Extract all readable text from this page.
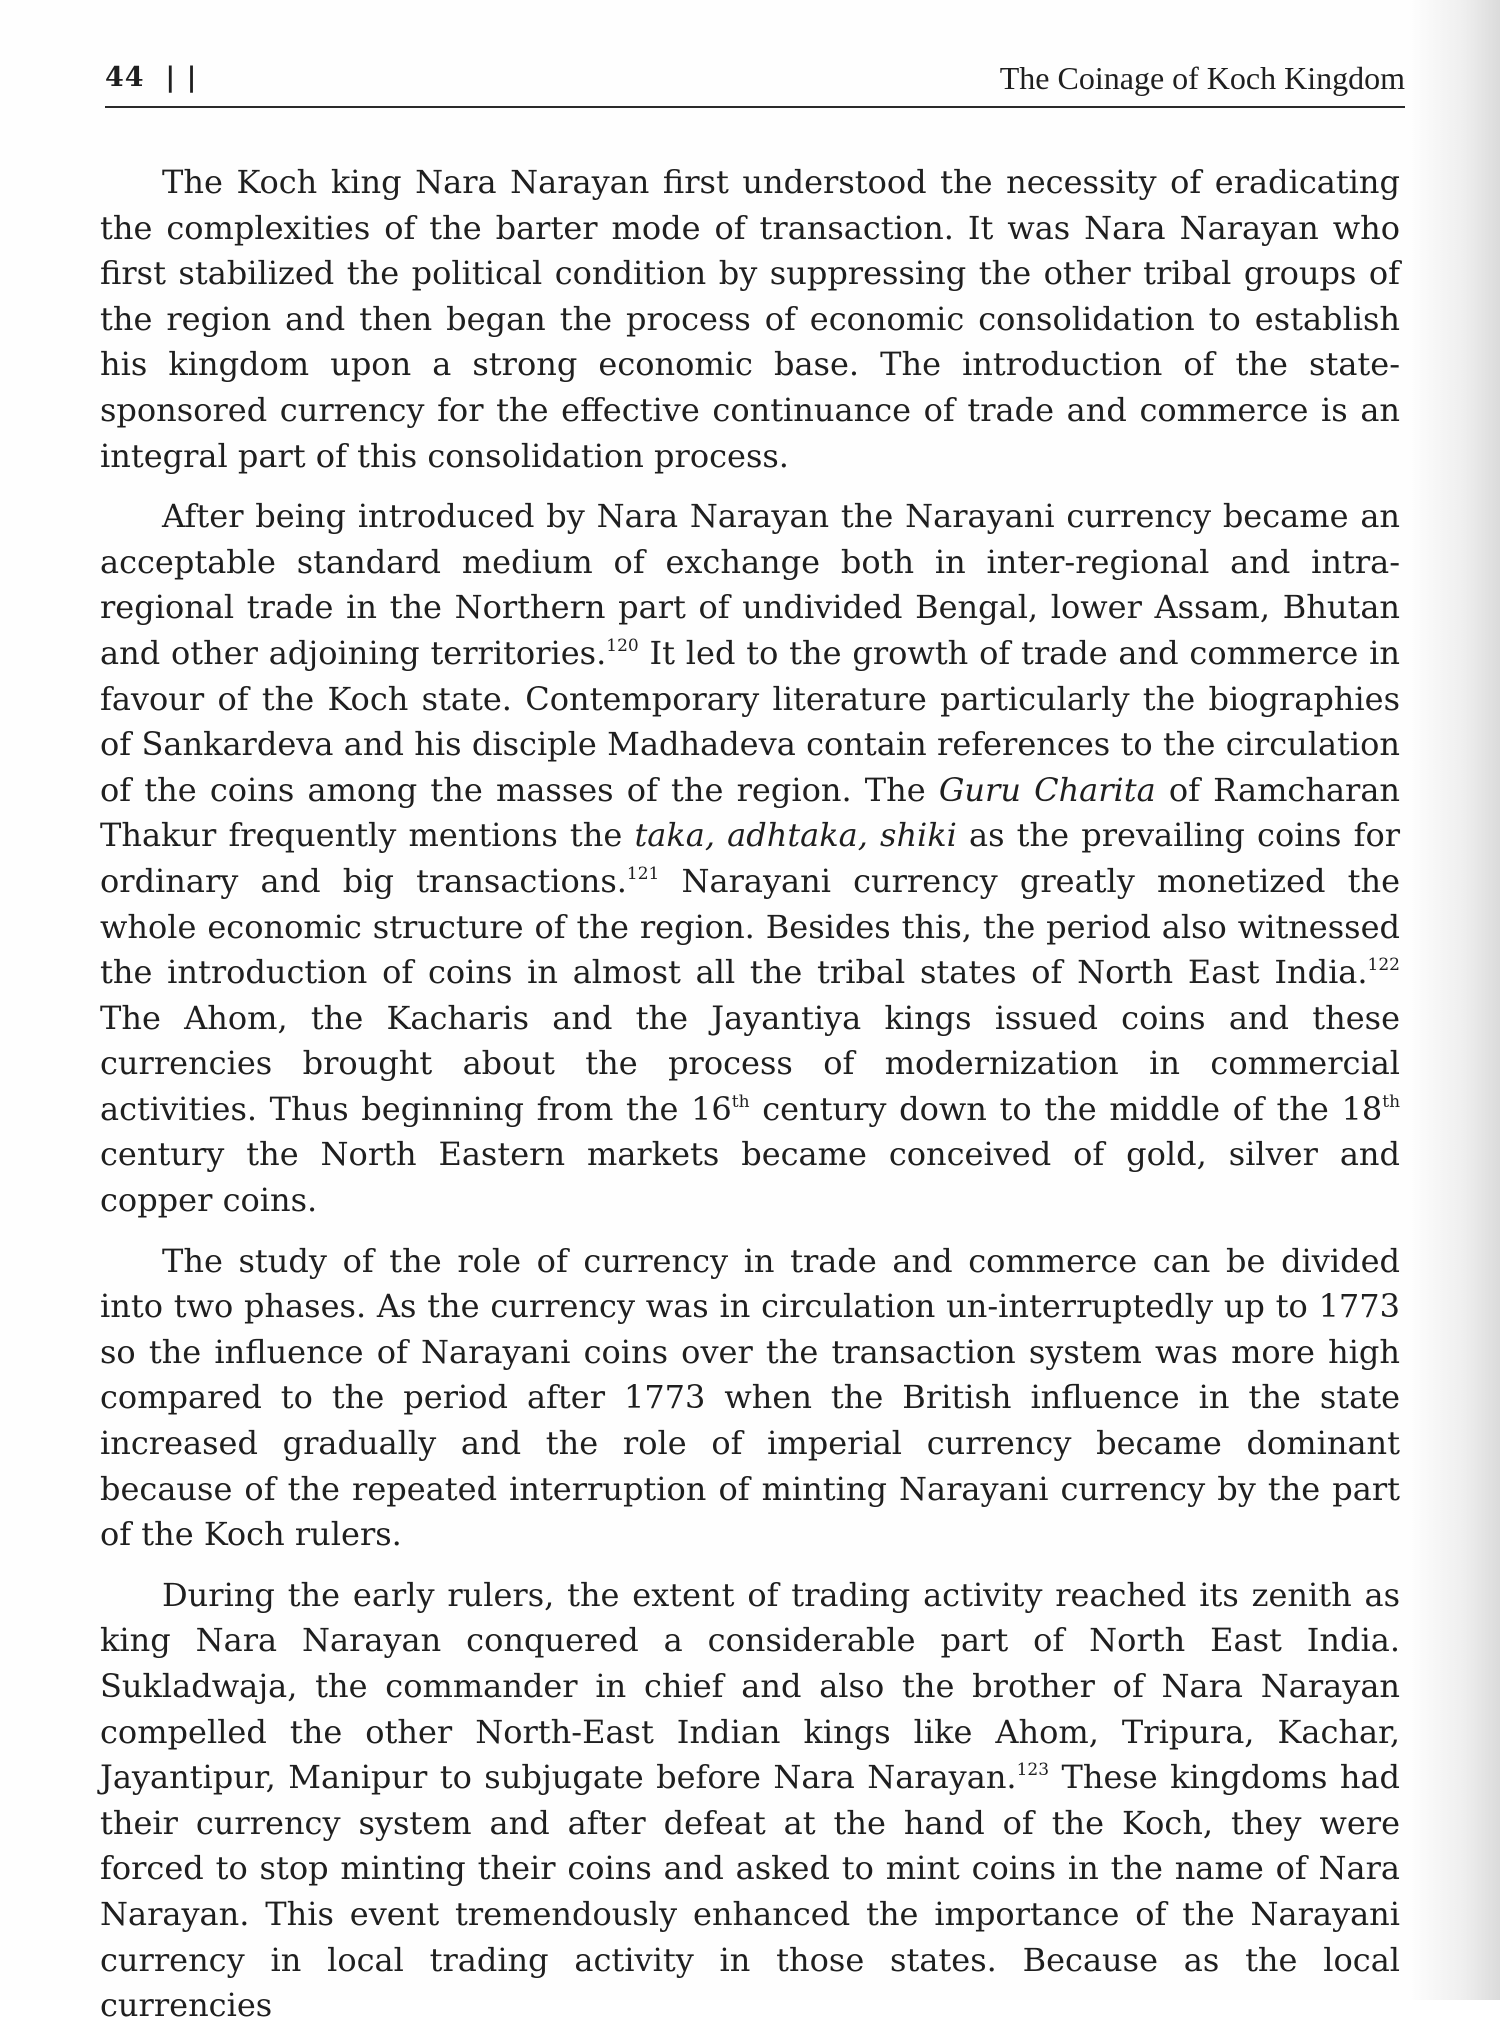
44 | |	The Coinage of Koch Kingdom

The Koch king Nara Narayan first understood the necessity of eradicating the complexities of the barter mode of transaction. It was Nara Narayan who first stabilized the political condition by suppressing the other tribal groups of the region and then began the process of economic consolidation to establish his kingdom upon a strong economic base. The introduction of the state-sponsored currency for the effective continuance of trade and commerce is an integral part of this consolidation process.

After being introduced by Nara Narayan the Narayani currency became an acceptable standard medium of exchange both in inter-regional and intra-regional trade in the Northern part of undivided Bengal, lower Assam, Bhutan and other adjoining territories.$^{120}$ It led to the growth of trade and commerce in favour of the Koch state. Contemporary literature particularly the biographies of Sankardeva and his disciple Madhadeva contain references to the circulation of the coins among the masses of the region. The Guru Charita of Ramcharan Thakur frequently mentions the taka, adhtaka, shiki as the prevailing coins for ordinary and big transactions.$^{121}$ Narayani currency greatly monetized the whole economic structure of the region. Besides this, the period also witnessed the introduction of coins in almost all the tribal states of North East India.$^{122}$ The Ahom, the Kacharis and the Jayantiya kings issued coins and these currencies brought about the process of modernization in commercial activities. Thus beginning from the 16th century down to the middle of the 18th century the North Eastern markets became conceived of gold, silver and copper coins.

The study of the role of currency in trade and commerce can be divided into two phases. As the currency was in circulation un-interruptedly up to 1773 so the influence of Narayani coins over the transaction system was more high compared to the period after 1773 when the British influence in the state increased gradually and the role of imperial currency became dominant because of the repeated interruption of minting Narayani currency by the part of the Koch rulers.

During the early rulers, the extent of trading activity reached its zenith as king Nara Narayan conquered a considerable part of North East India. Sukladwaja, the commander in chief and also the brother of Nara Narayan compelled the other North-East Indian kings like Ahom, Tripura, Kachar, Jayantipur, Manipur to subjugate before Nara Narayan.$^{123}$ These kingdoms had their currency system and after defeat at the hand of the Koch, they were forced to stop minting their coins and asked to mint coins in the name of Nara Narayan. This event tremendously enhanced the importance of the Narayani currency in local trading activity in those states. Because as the local currencies
